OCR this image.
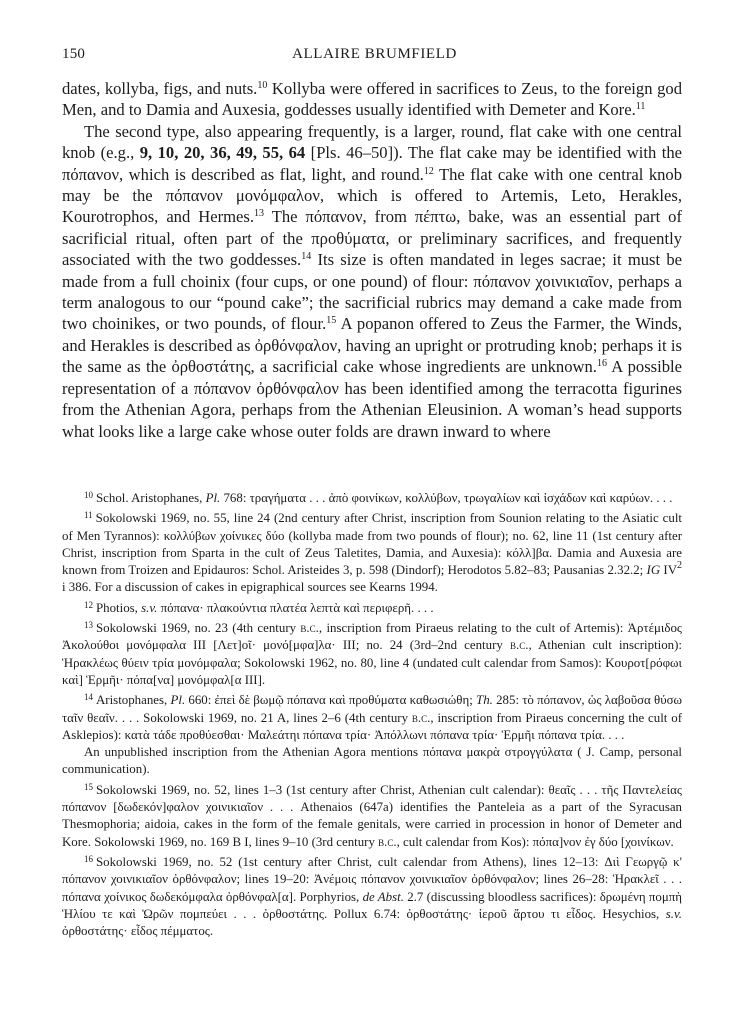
150	ALLAIRE BRUMFIELD

dates, kollyba, figs, and nuts.$^{10}$ Kollyba were offered in sacrifices to Zeus, to the foreign god Men, and to Damia and Auxesia, goddesses usually identified with Demeter and Kore.$^{11}$

The second type, also appearing frequently, is a larger, round, flat cake with one central knob (e.g., 9, 10, 20, 36, 49, 55, 64 [Pls. 46–50]). The flat cake may be identified with the πόπανον, which is described as flat, light, and round.$^{12}$ The flat cake with one central knob may be the πόπανον μονόμφαλον, which is offered to Artemis, Leto, Herakles, Kourotrophos, and Hermes.$^{13}$ The πόπανον, from πέπτω, bake, was an essential part of sacrificial ritual, often part of the προθύματα, or preliminary sacrifices, and frequently associated with the two goddesses.$^{14}$ Its size is often mandated in leges sacrae; it must be made from a full choinix (four cups, or one pound) of flour: πόπανον χοινικιαῖον, perhaps a term analogous to our “pound cake”; the sacrificial rubrics may demand a cake made from two choinikes, or two pounds, of flour.$^{15}$ A popanon offered to Zeus the Farmer, the Winds, and Herakles is described as ὀρθόνφαλον, having an upright or protruding knob; perhaps it is the same as the ὀρθοστάτης, a sacrificial cake whose ingredients are unknown.$^{16}$ A possible representation of a πόπανον ὀρθόνφαλον has been identified among the terracotta figurines from the Athenian Agora, perhaps from the Athenian Eleusinion. A woman’s head supports what looks like a large cake whose outer folds are drawn inward to where

$^{10}$ Schol. Aristophanes, Pl. 768: τραγήματα . . . ἀπὸ φοινίκων, κολλύβων, τρωγαλίων καὶ ἰσχάδων καὶ καρύων. . . .

$^{11}$ Sokolowski 1969, no. 55, line 24 (2nd century after Christ, inscription from Sounion relating to the Asiatic cult of Men Tyrannos): κολλύβων χοίνικες δύο (kollyba made from two pounds of flour); no. 62, line 11 (1st century after Christ, inscription from Sparta in the cult of Zeus Taletites, Damia, and Auxesia): κόλλ]βα. Damia and Auxesia are known from Troizen and Epidauros: Schol. Aristeides 3, p. 598 (Dindorf); Herodotos 5.82–83; Pausanias 2.32.2; IG IV$^2$ i 386. For a discussion of cakes in epigraphical sources see Kearns 1994.

$^{12}$ Photios, s.v. πόπανα· πλακούντια πλατέα λεπτὰ καὶ περιφερῆ. . . .

$^{13}$ Sokolowski 1969, no. 23 (4th century b.c., inscription from Piraeus relating to the cult of Artemis): Ἀρτέμιδος Ἀκολούθοι μονόμφαλα ΙΙΙ [Λετ]οῖ· μονό[μφα]λα· ΙΙΙ; no. 24 (3rd–2nd century b.c., Athenian cult inscription): Ἡρακλέως θύειν τρία μονόμφαλα; Sokolowski 1962, no. 80, line 4 (undated cult calendar from Samos): Κουροτ[ρόφωι καὶ] Ἑρμῆι· πόπα[να] μονόμφαλ[α ΙΙΙ].

$^{14}$ Aristophanes, Pl. 660: ἐπεὶ δὲ βωμῷ πόπανα καὶ προθύματα καθωσιώθη; Th. 285: τὸ πόπανον, ὡς λαβοῦσα θύσω ταῖν θεαῖν. . . . Sokolowski 1969, no. 21 A, lines 2–6 (4th century b.c., inscription from Piraeus concerning the cult of Asklepios): κατὰ τάδε προθύεσθαι· Μαλεάτηι πόπανα τρία· Ἀπόλλωνι πόπανα τρία· Ἑρμῆι πόπανα τρία. . . .

An unpublished inscription from the Athenian Agora mentions πόπανα μακρὰ στρογγύλατα ( J. Camp, personal communication).

$^{15}$ Sokolowski 1969, no. 52, lines 1–3 (1st century after Christ, Athenian cult calendar): θεαῖς . . . τῆς Παντελείας πόπανον [δωδεκόν]φαλον χοινικιαῖον . . . Athenaios (647a) identifies the Panteleia as a part of the Syracusan Thesmophoria; aidoia, cakes in the form of the female genitals, were carried in procession in honor of Demeter and Kore. Sokolowski 1969, no. 169 B I, lines 9–10 (3rd century b.c., cult calendar from Kos): πόπα]νον ἐγ δύο [χοινίκων.

$^{16}$ Sokolowski 1969, no. 52 (1st century after Christ, cult calendar from Athens), lines 12–13: Διὶ Γεωργῷ κ' πόπανον χοινικιαῖον ὀρθόνφαλον; lines 19–20: Ἀνέμοις πόπανον χοινικιαῖον ὀρθόνφαλον; lines 26–28: Ἡρακλεῖ . . . πόπανα χοίνικος δωδεκόμφαλα ὀρθόνφαλ[α]. Porphyrios, de Abst. 2.7 (discussing bloodless sacrifices): δρωμένη πομπὴ Ἡλίου τε καὶ Ὡρῶν πομπεύει . . . ὀρθοστάτης. Pollux 6.74: ὀρθοστάτης· ἱεροῦ ἄρτου τι εἶδος. Hesychios, s.v. ὀρθοστάτης· εἶδος πέμματος.
